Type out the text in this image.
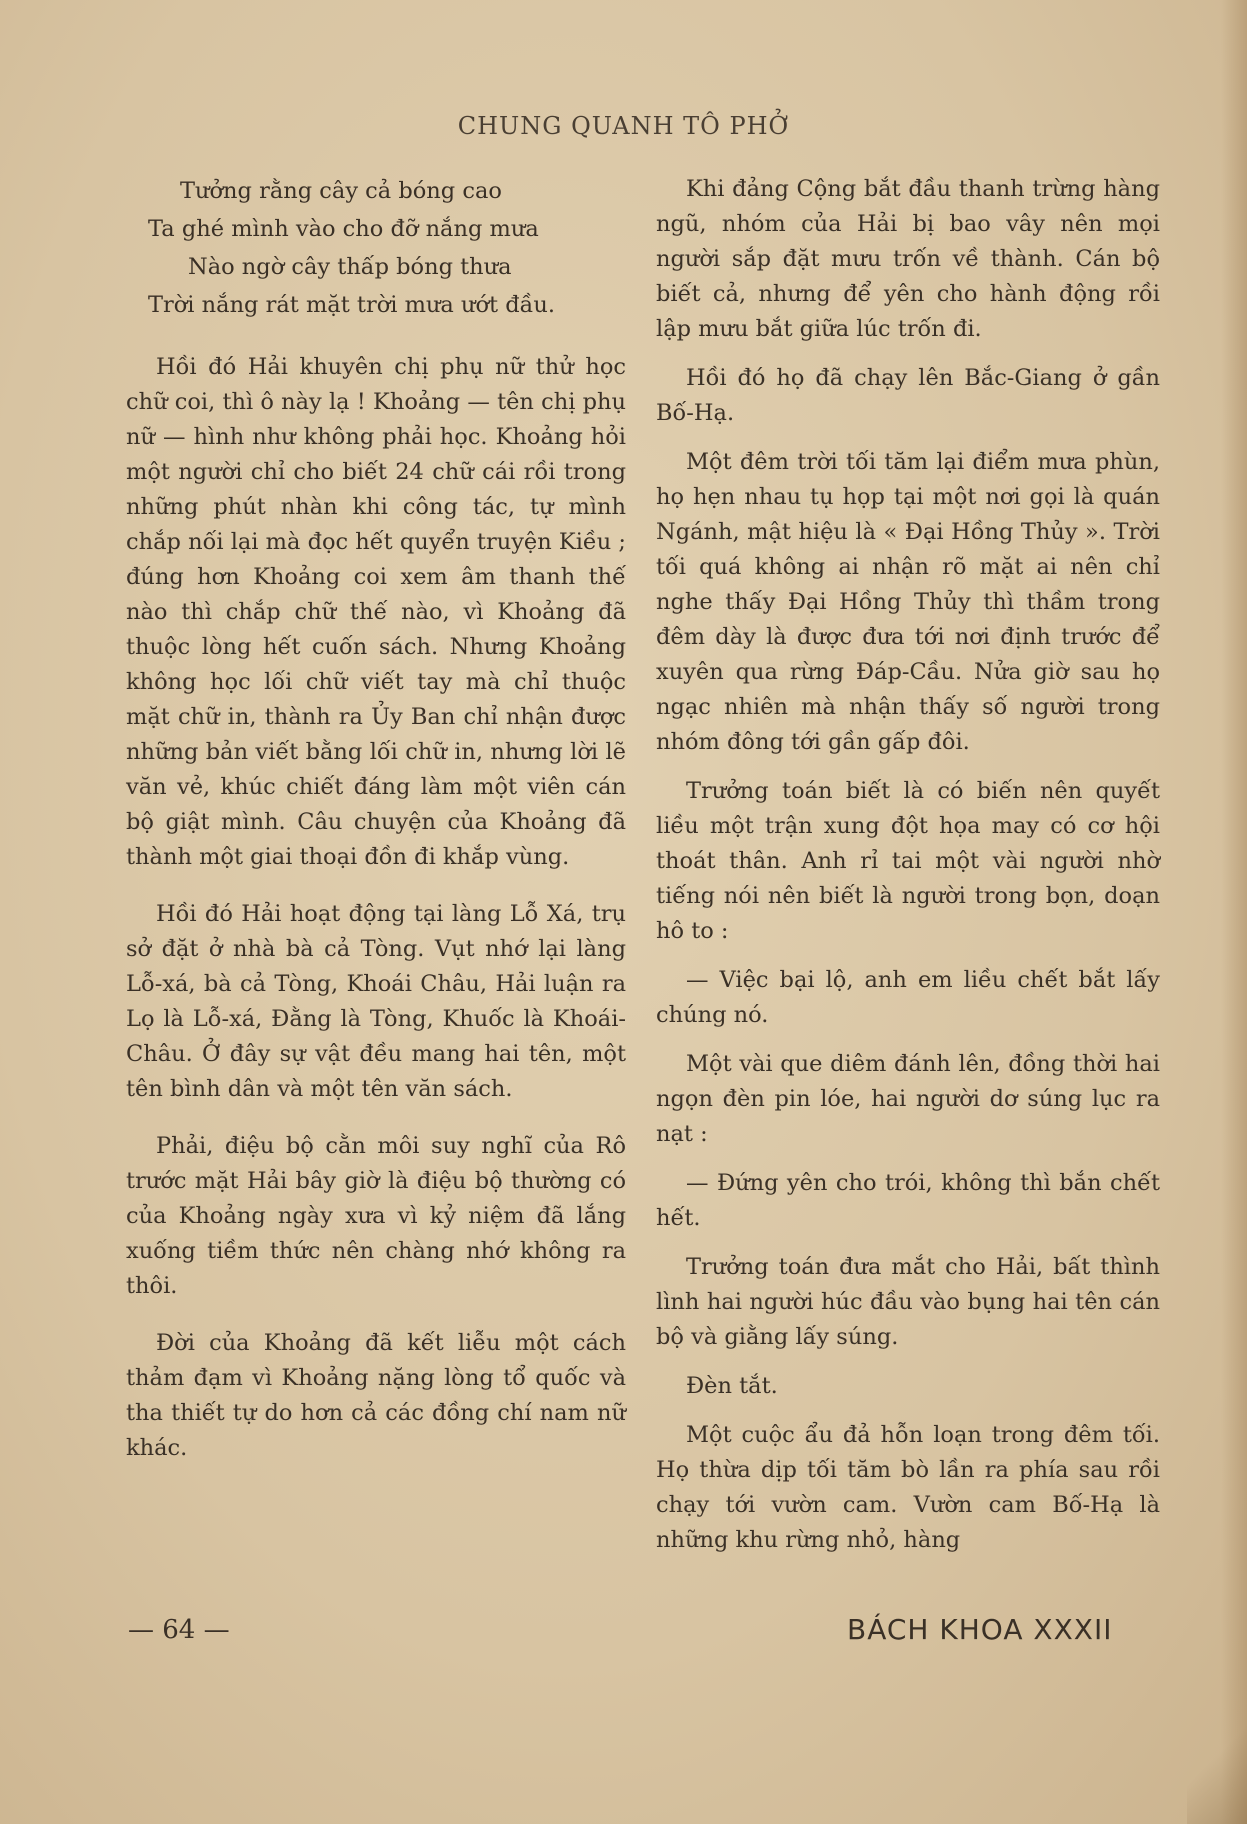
CHUNG QUANH TÔ PHỞ
Tưởng rằng cây cả bóng cao
Ta ghé mình vào cho đỡ nắng mưa
Nào ngờ cây thấp bóng thưa
Trời nắng rát mặt trời mưa ướt đầu.

Hồi đó Hải khuyên chị phụ nữ thử học chữ coi, thì ô này lạ ! Khoảng — tên chị phụ nữ — hình như không phải học. Khoảng hỏi một người chỉ cho biết 24 chữ cái rồi trong những phút nhàn khi công tác, tự mình chắp nối lại mà đọc hết quyển truyện Kiều ; đúng hơn Khoảng coi xem âm thanh thế nào thì chắp chữ thế nào, vì Khoảng đã thuộc lòng hết cuốn sách. Nhưng Khoảng không học lối chữ viết tay mà chỉ thuộc mặt chữ in, thành ra Ủy Ban chỉ nhận được những bản viết bằng lối chữ in, nhưng lời lẽ văn vẻ, khúc chiết đáng làm một viên cán bộ giật mình. Câu chuyện của Khoảng đã thành một giai thoại đồn đi khắp vùng.

Hồi đó Hải hoạt động tại làng Lỗ Xá, trụ sở đặt ở nhà bà cả Tòng. Vụt nhớ lại làng Lỗ-xá, bà cả Tòng, Khoái Châu, Hải luận ra Lọ là Lỗ-xá, Đằng là Tòng, Khuốc là Khoái-Châu. Ở đây sự vật đều mang hai tên, một tên bình dân và một tên văn sách.

Phải, điệu bộ cằn môi suy nghĩ của Rô trước mặt Hải bây giờ là điệu bộ thường có của Khoảng ngày xưa vì kỷ niệm đã lắng xuống tiềm thức nên chàng nhớ không ra thôi.

Đời của Khoảng đã kết liễu một cách thảm đạm vì Khoảng nặng lòng tổ quốc và tha thiết tự do hơn cả các đồng chí nam nữ khác.

Khi đảng Cộng bắt đầu thanh trừng hàng ngũ, nhóm của Hải bị bao vây nên mọi người sắp đặt mưu trốn về thành. Cán bộ biết cả, nhưng để yên cho hành động rồi lập mưu bắt giữa lúc trốn đi.

Hồi đó họ đã chạy lên Bắc-Giang ở gần Bố-Hạ.

Một đêm trời tối tăm lại điểm mưa phùn, họ hẹn nhau tụ họp tại một nơi gọi là quán Ngánh, mật hiệu là « Đại Hồng Thủy ». Trời tối quá không ai nhận rõ mặt ai nên chỉ nghe thấy Đại Hồng Thủy thì thầm trong đêm dày là được đưa tới nơi định trước để xuyên qua rừng Đáp-Cầu. Nửa giờ sau họ ngạc nhiên mà nhận thấy số người trong nhóm đông tới gần gấp đôi.

Trưởng toán biết là có biến nên quyết liều một trận xung đột họa may có cơ hội thoát thân. Anh rỉ tai một vài người nhờ tiếng nói nên biết là người trong bọn, doạn hô to :

— Việc bại lộ, anh em liều chết bắt lấy chúng nó.

Một vài que diêm đánh lên, đồng thời hai ngọn đèn pin lóe, hai người dơ súng lục ra nạt :

— Đứng yên cho trói, không thì bắn chết hết.

Trưởng toán đưa mắt cho Hải, bất thình lình hai người húc đầu vào bụng hai tên cán bộ và giằng lấy súng.

Đèn tắt.

Một cuộc ẩu đả hỗn loạn trong đêm tối. Họ thừa dịp tối tăm bò lần ra phía sau rồi chạy tới vườn cam. Vườn cam Bố-Hạ là những khu rừng nhỏ, hàng

— 64 —	BÁCH KHOA XXXII
